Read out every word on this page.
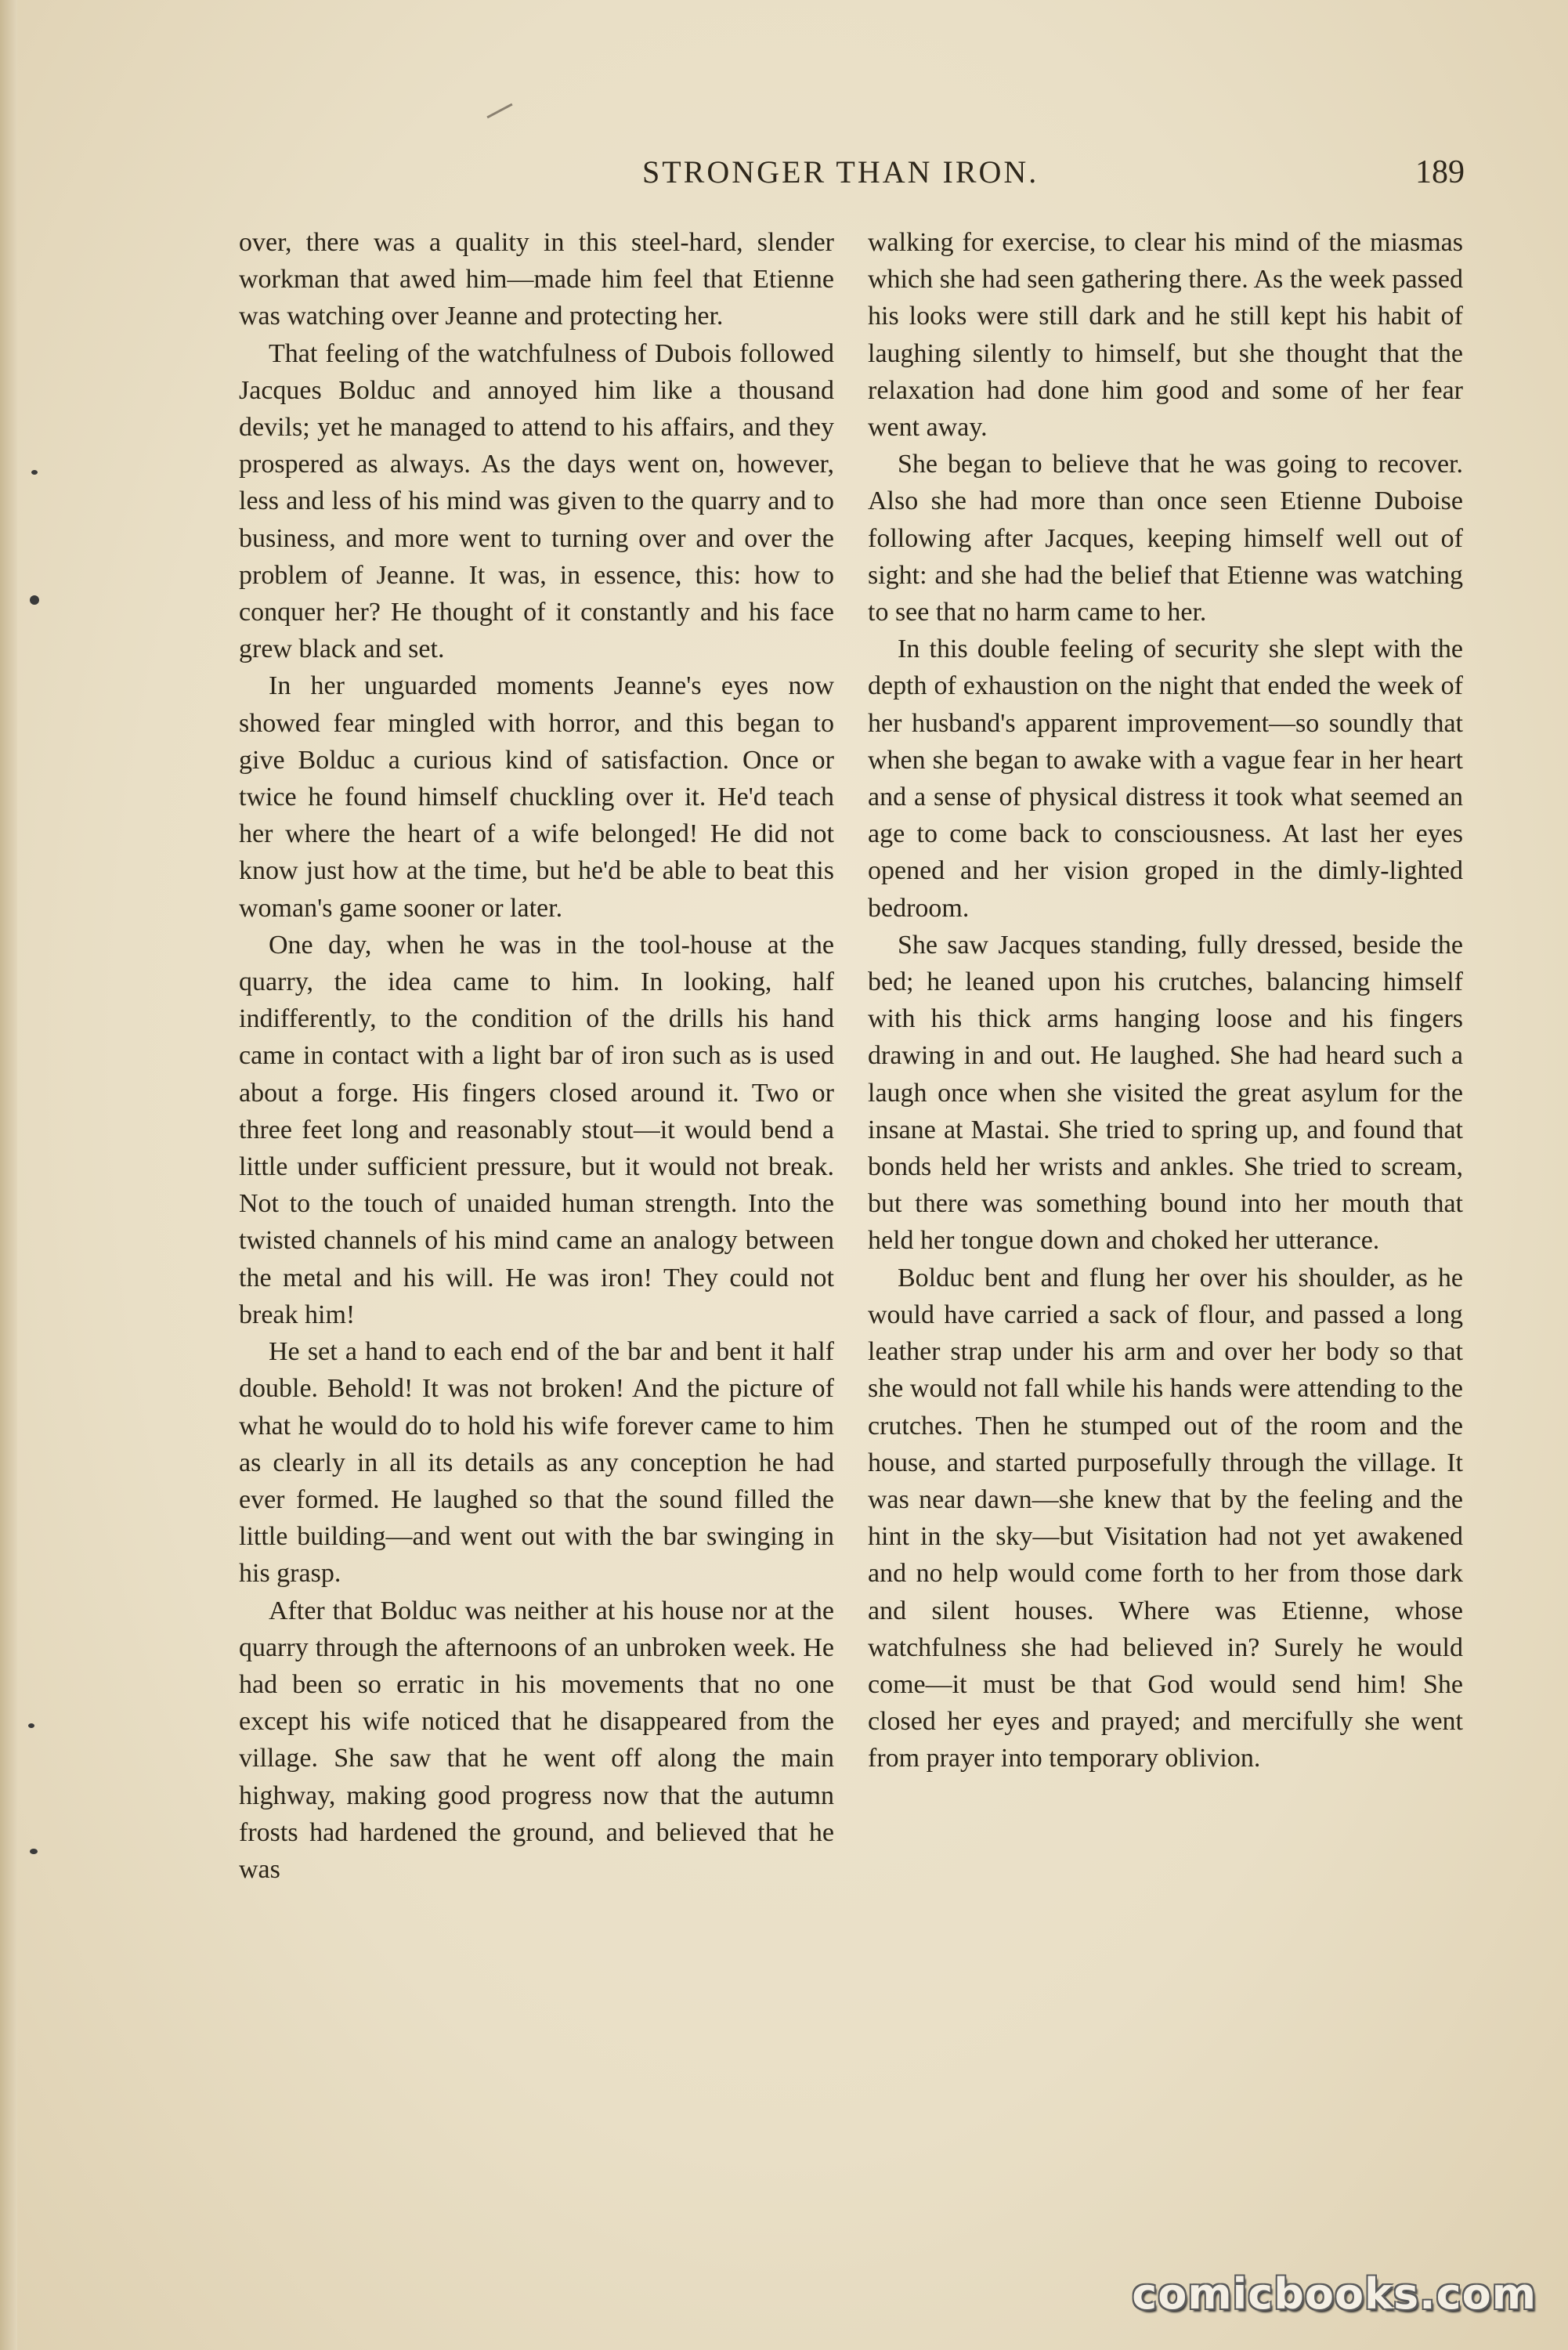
STRONGER THAN IRON.	189

over, there was a quality in this steel-hard, slender workman that awed him—made him feel that Etienne was watching over Jeanne and protecting her.

That feeling of the watchfulness of Dubois followed Jacques Bolduc and annoyed him like a thousand devils; yet he managed to attend to his affairs, and they prospered as always. As the days went on, however, less and less of his mind was given to the quarry and to business, and more went to turning over and over the problem of Jeanne. It was, in essence, this: how to conquer her? He thought of it constantly and his face grew black and set.

In her unguarded moments Jeanne's eyes now showed fear mingled with horror, and this began to give Bolduc a curious kind of satisfaction. Once or twice he found himself chuckling over it. He'd teach her where the heart of a wife belonged! He did not know just how at the time, but he'd be able to beat this woman's game sooner or later.

One day, when he was in the tool-house at the quarry, the idea came to him. In looking, half indifferently, to the condition of the drills his hand came in contact with a light bar of iron such as is used about a forge. His fingers closed around it. Two or three feet long and reasonably stout—it would bend a little under sufficient pressure, but it would not break. Not to the touch of unaided human strength. Into the twisted channels of his mind came an analogy between the metal and his will. He was iron! They could not break him!

He set a hand to each end of the bar and bent it half double. Behold! It was not broken! And the picture of what he would do to hold his wife forever came to him as clearly in all its details as any conception he had ever formed. He laughed so that the sound filled the little building—and went out with the bar swinging in his grasp.

After that Bolduc was neither at his house nor at the quarry through the afternoons of an unbroken week. He had been so erratic in his movements that no one except his wife noticed that he disappeared from the village. She saw that he went off along the main highway, making good progress now that the autumn frosts had hardened the ground, and believed that he was

walking for exercise, to clear his mind of the miasmas which she had seen gathering there. As the week passed his looks were still dark and he still kept his habit of laughing silently to himself, but she thought that the relaxation had done him good and some of her fear went away.

She began to believe that he was going to recover. Also she had more than once seen Etienne Duboise following after Jacques, keeping himself well out of sight: and she had the belief that Etienne was watching to see that no harm came to her.

In this double feeling of security she slept with the depth of exhaustion on the night that ended the week of her husband's apparent improvement—so soundly that when she began to awake with a vague fear in her heart and a sense of physical distress it took what seemed an age to come back to consciousness. At last her eyes opened and her vision groped in the dimly-lighted bedroom.

She saw Jacques standing, fully dressed, beside the bed; he leaned upon his crutches, balancing himself with his thick arms hanging loose and his fingers drawing in and out. He laughed. She had heard such a laugh once when she visited the great asylum for the insane at Mastai. She tried to spring up, and found that bonds held her wrists and ankles. She tried to scream, but there was something bound into her mouth that held her tongue down and choked her utterance.

Bolduc bent and flung her over his shoulder, as he would have carried a sack of flour, and passed a long leather strap under his arm and over her body so that she would not fall while his hands were attending to the crutches. Then he stumped out of the room and the house, and started purposefully through the village. It was near dawn—she knew that by the feeling and the hint in the sky—but Visitation had not yet awakened and no help would come forth to her from those dark and silent houses. Where was Etienne, whose watchfulness she had believed in? Surely he would come—it must be that God would send him! She closed her eyes and prayed; and mercifully she went from prayer into temporary oblivion.

comicbooks.com
